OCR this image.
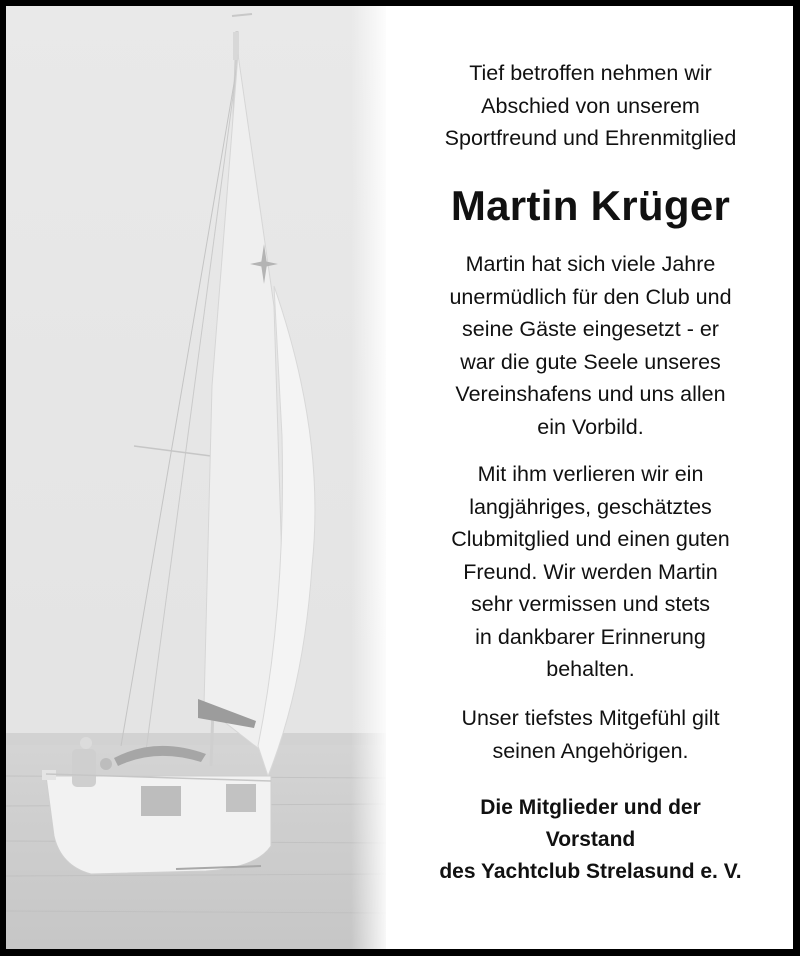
Tief betroffen nehmen wir
Abschied von unserem
Sportfreund und Ehrenmitglied
Martin Krüger
Martin hat sich viele Jahre
unermüdlich für den Club und
seine Gäste eingesetzt - er
war die gute Seele unseres
Vereinshafens und uns allen
ein Vorbild.
Mit ihm verlieren wir ein
langjähriges, geschätztes
Clubmitglied und einen guten
Freund. Wir werden Martin
sehr vermissen und stets
in dankbarer Erinnerung
behalten.
Unser tiefstes Mitgefühl gilt
seinen Angehörigen.
Die Mitglieder und der
Vorstand
des Yachtclub Strelasund e. V.
